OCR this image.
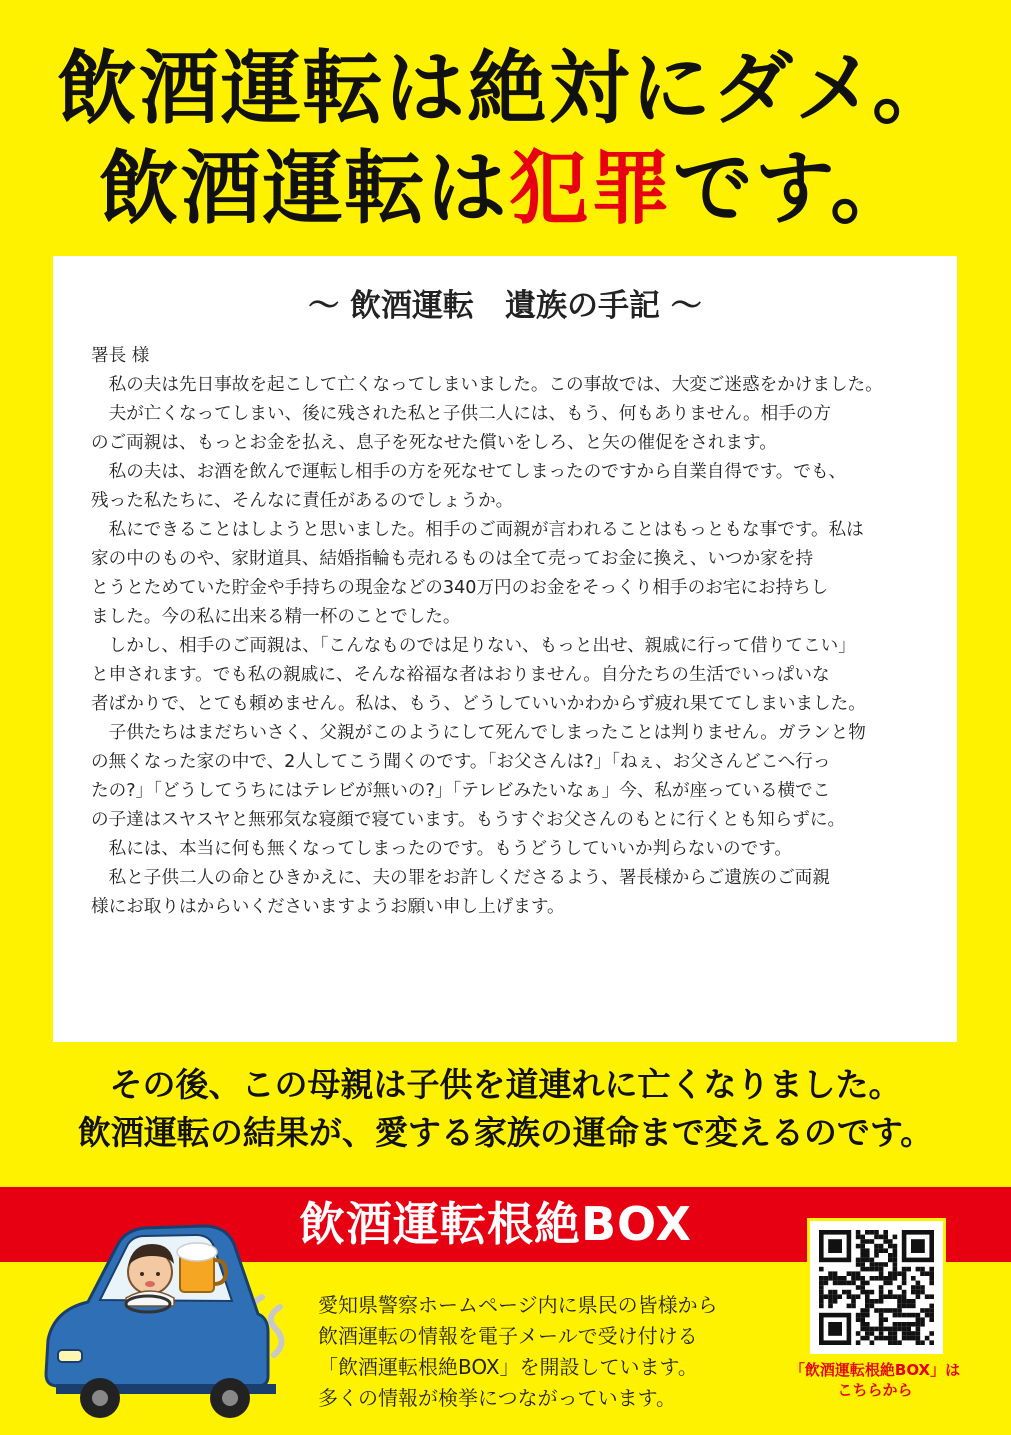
飲酒運転は絶対にダメ。
飲酒運転は犯罪です。
～ 飲酒運転　遺族の手記 ～
署長 様
私の夫は先日事故を起こして亡くなってしまいました。この事故では、大変ご迷惑をかけました。
夫が亡くなってしまい、後に残された私と子供二人には、もう、何もありません。相手の方
のご両親は、もっとお金を払え、息子を死なせた償いをしろ、と矢の催促をされます。
私の夫は、お酒を飲んで運転し相手の方を死なせてしまったのですから自業自得です。でも、
残った私たちに、そんなに責任があるのでしょうか。
私にできることはしようと思いました。相手のご両親が言われることはもっともな事です。私は
家の中のものや、家財道具、結婚指輪も売れるものは全て売ってお金に換え、いつか家を持
とうとためていた貯金や手持ちの現金などの340万円のお金をそっくり相手のお宅にお持ちし
ました。今の私に出来る精一杯のことでした。
しかし、相手のご両親は、「こんなものでは足りない、もっと出せ、親戚に行って借りてこい」
と申されます。でも私の親戚に、そんな裕福な者はおりません。自分たちの生活でいっぱいな
者ばかりで、とても頼めません。私は、もう、どうしていいかわからず疲れ果ててしまいました。
子供たちはまだちいさく、父親がこのようにして死んでしまったことは判りません。ガランと物
の無くなった家の中で、2人してこう聞くのです。「お父さんは?」「ねぇ、お父さんどこへ行っ
たの?」「どうしてうちにはテレビが無いの?」「テレビみたいなぁ」今、私が座っている横でこ
の子達はスヤスヤと無邪気な寝顔で寝ています。もうすぐお父さんのもとに行くとも知らずに。
私には、本当に何も無くなってしまったのです。もうどうしていいか判らないのです。
私と子供二人の命とひきかえに、夫の罪をお許しくださるよう、署長様からご遺族のご両親
様にお取りはからいくださいますようお願い申し上げます。
その後、この母親は子供を道連れに亡くなりました。
飲酒運転の結果が、愛する家族の運命まで変えるのです。
飲酒運転根絶BOX
愛知県警察ホームページ内に県民の皆様から
飲酒運転の情報を電子メールで受け付ける
「飲酒運転根絶BOX」を開設しています。
多くの情報が検挙につながっています。
「飲酒運転根絶BOX」は
こちらから
